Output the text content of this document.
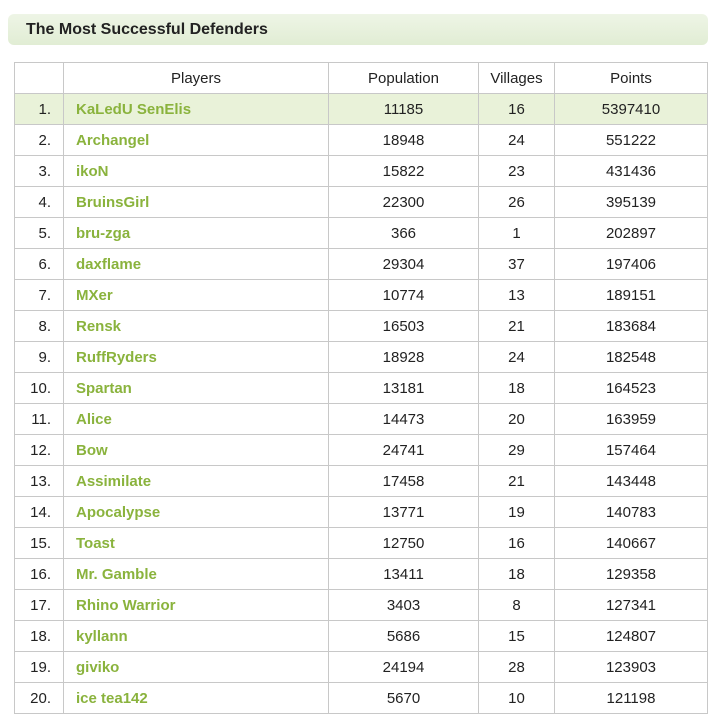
The Most Successful Defenders
	Players	Population	Villages	Points
1.	KaLedU SenElis	11185	16	5397410
2.	Archangel	18948	24	551222
3.	ikoN	15822	23	431436
4.	BruinsGirl	22300	26	395139
5.	bru-zga	366	1	202897
6.	daxflame	29304	37	197406
7.	MXer	10774	13	189151
8.	Rensk	16503	21	183684
9.	RuffRyders	18928	24	182548
10.	Spartan	13181	18	164523
11.	Alice	14473	20	163959
12.	Bow	24741	29	157464
13.	Assimilate	17458	21	143448
14.	Apocalypse	13771	19	140783
15.	Toast	12750	16	140667
16.	Mr. Gamble	13411	18	129358
17.	Rhino Warrior	3403	8	127341
18.	kyllann	5686	15	124807
19.	giviko	24194	28	123903
20.	ice tea142	5670	10	121198
